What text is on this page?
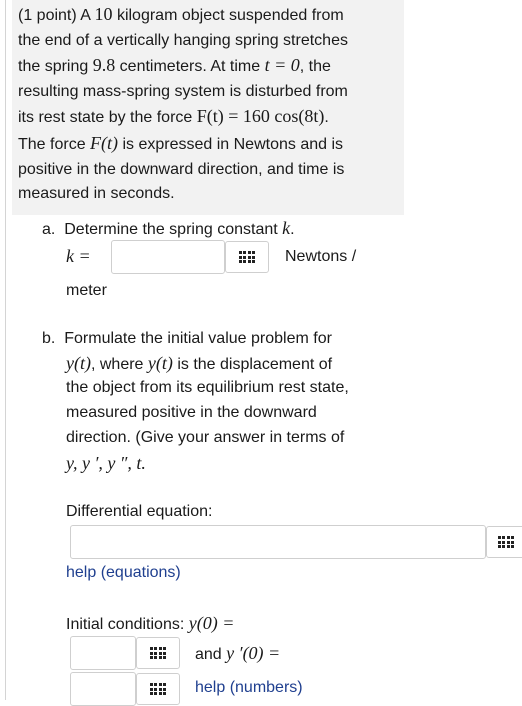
(1 point) A 10 kilogram object suspended from
the end of a vertically hanging spring stretches
the spring 9.8 centimeters. At time t = 0, the
resulting mass-spring system is disturbed from
its rest state by the force F(t) = 160 cos(8t).
The force F(t) is expressed in Newtons and is
positive in the downward direction, and time is
measured in seconds.
a. Determine the spring constant k.
k =	Newtons /
meter
b. Formulate the initial value problem for
y(t), where y(t) is the displacement of
the object from its equilibrium rest state,
measured positive in the downward
direction. (Give your answer in terms of
y, y ′, y ″, t.
Differential equation:
help (equations)
Initial conditions: y(0) =
and y ′(0) =
help (numbers)
